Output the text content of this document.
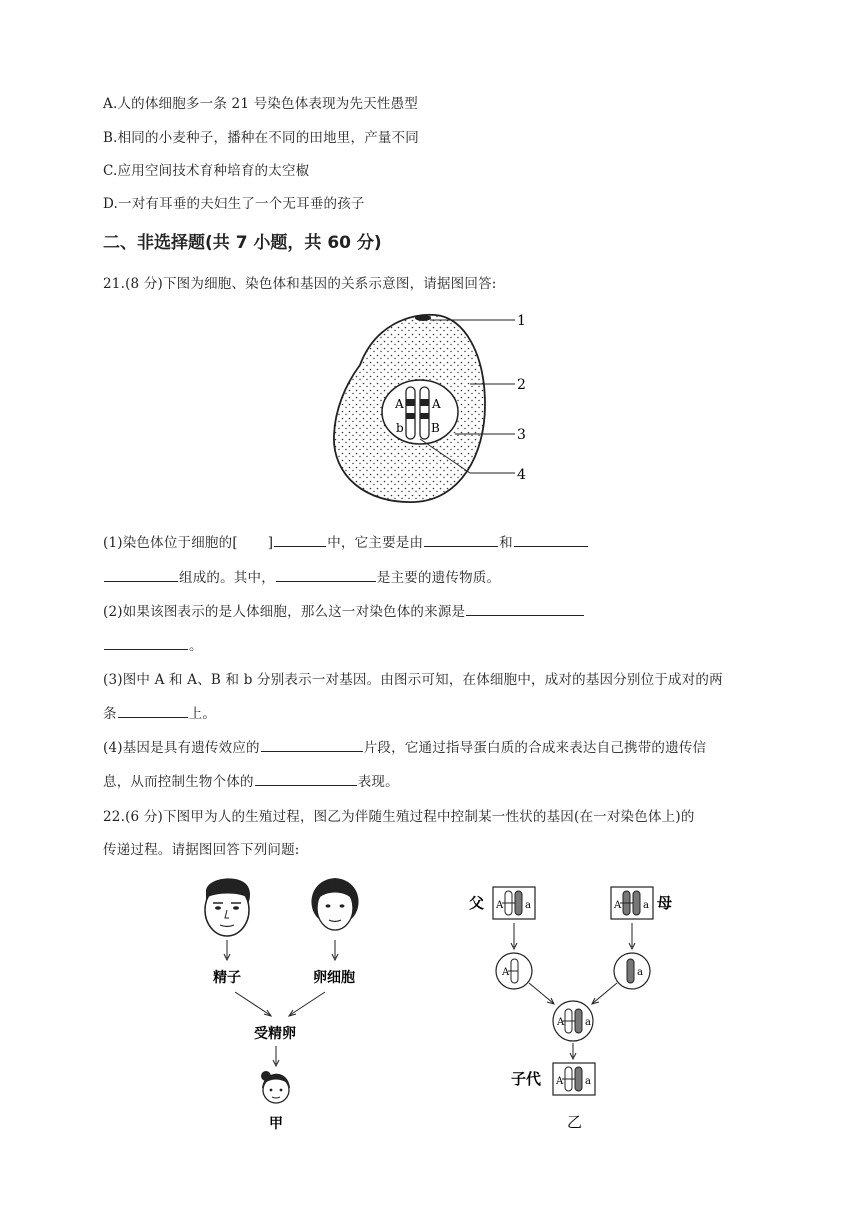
A.人的体细胞多一条 21 号染色体表现为先天性愚型
B.相同的小麦种子，播种在不同的田地里，产量不同
C.应用空间技术育种培育的太空椒
D.一对有耳垂的夫妇生了一个无耳垂的孩子
二、非选择题(共 7 小题，共 60 分)
21.(8 分)下图为细胞、染色体和基因的关系示意图，请据图回答:
A A
b B
1
2
3
4
(1)染色体位于细胞的[ ]	中，它主要是由	和
组成的。其中，	是主要的遗传物质。
(2)如果该图表示的是人体细胞，那么这一对染色体的来源是
。
(3)图中 A 和 A、B 和 b 分别表示一对基因。由图示可知，在体细胞中，成对的基因分别位于成对的两
条	上。
(4)基因是具有遗传效应的	片段，它通过指导蛋白质的合成来表达自己携带的遗传信
息，从而控制生物个体的	表现。
22.(6 分)下图甲为人的生殖过程，图乙为伴随生殖过程中控制某一性状的基因(在一对染色体上)的
传递过程。请据图回答下列问题:
精子	卵细胞
受精卵
甲
父 A a	A a 母
A	a
A a
子代 A a
乙
